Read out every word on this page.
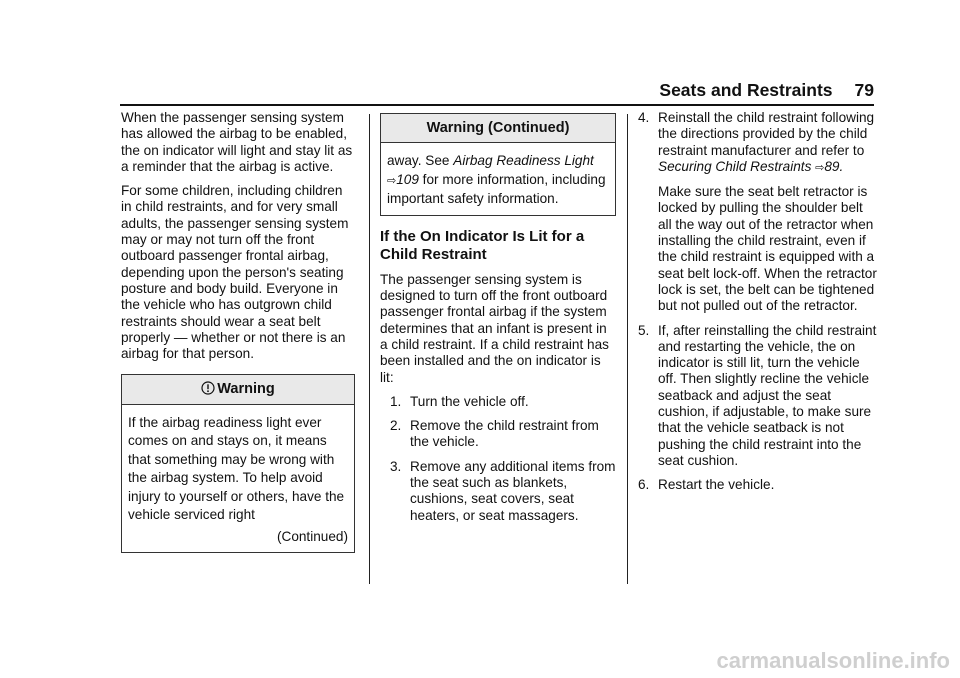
Seats and Restraints 79

When the passenger sensing system has allowed the airbag to be enabled, the on indicator will light and stay lit as a reminder that the airbag is active.

For some children, including children in child restraints, and for very small adults, the passenger sensing system may or may not turn off the front outboard passenger frontal airbag, depending upon the person's seating posture and body build. Everyone in the vehicle who has outgrown child restraints should wear a seat belt properly — whether or not there is an airbag for that person.

Warning

If the airbag readiness light ever comes on and stays on, it means that something may be wrong with the airbag system. To help avoid injury to yourself or others, have the vehicle serviced right

(Continued)
Warning (Continued)
away. See Airbag Readiness Light ⇨109 for more information, including important safety information.
If the On Indicator Is Lit for a Child Restraint

The passenger sensing system is designed to turn off the front outboard passenger frontal airbag if the system determines that an infant is present in a child restraint. If a child restraint has been installed and the on indicator is lit:

1. Turn the vehicle off.
2. Remove the child restraint from the vehicle.
3. Remove any additional items from the seat such as blankets, cushions, seat covers, seat heaters, or seat massagers.
4. Reinstall the child restraint following the directions provided by the child restraint manufacturer and refer to Securing Child Restraints ⇨89.

Make sure the seat belt retractor is locked by pulling the shoulder belt all the way out of the retractor when installing the child restraint, even if the child restraint is equipped with a seat belt lock-off. When the retractor lock is set, the belt can be tightened but not pulled out of the retractor.

5. If, after reinstalling the child restraint and restarting the vehicle, the on indicator is still lit, turn the vehicle off. Then slightly recline the vehicle seatback and adjust the seat cushion, if adjustable, to make sure that the vehicle seatback is not pushing the child restraint into the seat cushion.
6. Restart the vehicle.
carmanualsonline.info
